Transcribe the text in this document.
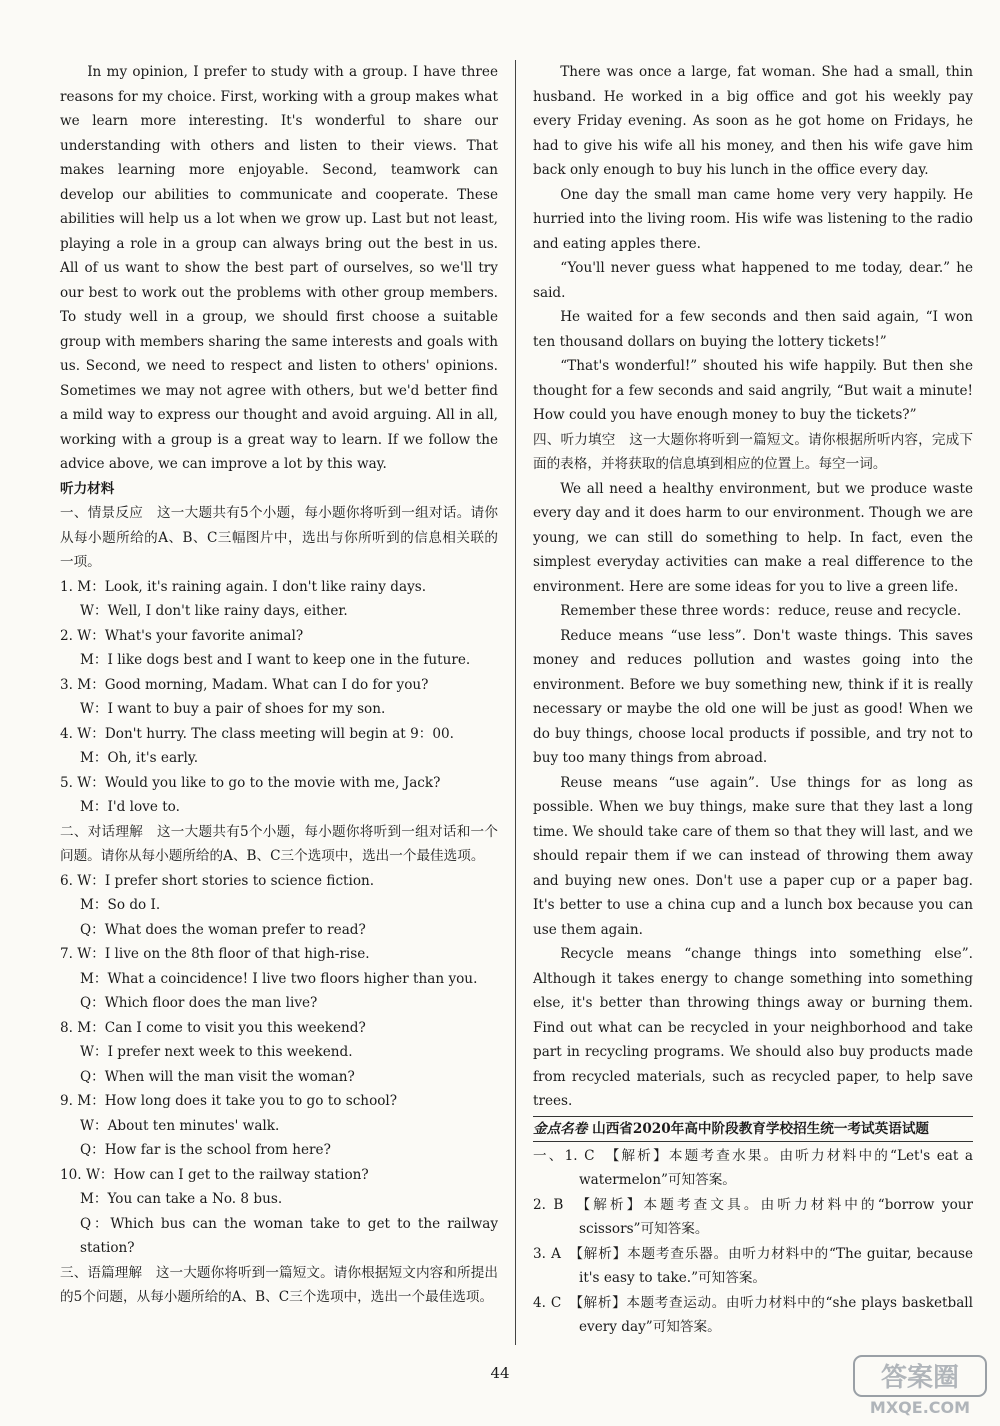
In my opinion, I prefer to study with a group. I have three reasons for my choice. First, working with a group makes what we learn more interesting. It's wonderful to share our understanding with others and listen to their views. That makes learning more enjoyable. Second, teamwork can develop our abilities to communicate and cooperate. These abilities will help us a lot when we grow up. Last but not least, playing a role in a group can always bring out the best in us. All of us want to show the best part of ourselves, so we'll try our best to work out the problems with other group members. To study well in a group, we should first choose a suitable group with members sharing the same interests and goals with us. Second, we need to respect and listen to others' opinions. Sometimes we may not agree with others, but we'd better find a mild way to express our thought and avoid arguing. All in all, working with a group is a great way to learn. If we follow the advice above, we can improve a lot by this way.

听力材料

一、情景反应　这一大题共有5个小题，每小题你将听到一组对话。请你从每小题所给的A、B、C三幅图片中，选出与你所听到的信息相关联的一项。

1. M：Look, it's raining again. I don't like rainy days.

W：Well, I don't like rainy days, either.

2. W：What's your favorite animal?

M：I like dogs best and I want to keep one in the future.

3. M：Good morning, Madam. What can I do for you?

W：I want to buy a pair of shoes for my son.

4. W：Don't hurry. The class meeting will begin at 9：00.

M：Oh, it's early.

5. W：Would you like to go to the movie with me, Jack?

M：I'd love to.

二、对话理解　这一大题共有5个小题，每小题你将听到一组对话和一个问题。请你从每小题所给的A、B、C三个选项中，选出一个最佳选项。

6. W：I prefer short stories to science fiction.

M：So do I.

Q：What does the woman prefer to read?

7. W：I live on the 8th floor of that high-rise.

M：What a coincidence! I live two floors higher than you.

Q：Which floor does the man live?

8. M：Can I come to visit you this weekend?

W：I prefer next week to this weekend.

Q：When will the man visit the woman?

9. M：How long does it take you to go to school?

W：About ten minutes' walk.

Q：How far is the school from here?

10. W：How can I get to the railway station?

M：You can take a No. 8 bus.

Q：Which bus can the woman take to get to the railway station?

三、语篇理解　这一大题你将听到一篇短文。请你根据短文内容和所提出的5个问题，从每小题所给的A、B、C三个选项中，选出一个最佳选项。

There was once a large, fat woman. She had a small, thin husband. He worked in a big office and got his weekly pay every Friday evening. As soon as he got home on Fridays, he had to give his wife all his money, and then his wife gave him back only enough to buy his lunch in the office every day.

One day the small man came home very very happily. He hurried into the living room. His wife was listening to the radio and eating apples there.

“You'll never guess what happened to me today, dear.” he said.

He waited for a few seconds and then said again, “I won ten thousand dollars on buying the lottery tickets!”

“That's wonderful!” shouted his wife happily. But then she thought for a few seconds and said angrily, “But wait a minute! How could you have enough money to buy the tickets?”

四、听力填空　这一大题你将听到一篇短文。请你根据所听内容，完成下面的表格，并将获取的信息填到相应的位置上。每空一词。

We all need a healthy environment, but we produce waste every day and it does harm to our environment. Though we are young, we can still do something to help. In fact, even the simplest everyday activities can make a real difference to the environment. Here are some ideas for you to live a green life.

Remember these three words：reduce, reuse and recycle.

Reduce means “use less”. Don't waste things. This saves money and reduces pollution and wastes going into the environment. Before we buy something new, think if it is really necessary or maybe the old one will be just as good! When we do buy things, choose local products if possible, and try not to buy too many things from abroad.

Reuse means “use again”. Use things for as long as possible. When we buy things, make sure that they last a long time. We should take care of them so that they will last, and we should repair them if we can instead of throwing them away and buying new ones. Don't use a paper cup or a paper bag. It's better to use a china cup and a lunch box because you can use them again.

Recycle means “change things into something else”. Although it takes energy to change something into something else, it's better than throwing things away or burning them. Find out what can be recycled in your neighborhood and take part in recycling programs. We should also buy products made from recycled materials, such as recycled paper, to help save trees.

金点名卷 山西省2020年高中阶段教育学校招生统一考试英语试题

一、1. C　 【解析】本题考查水果。由听力材料中的“Let's eat a watermelon”可知答案。

2. B　 【解析】本题考查文具。由听力材料中的“borrow your scissors”可知答案。

3. A　 【解析】本题考查乐器。由听力材料中的“The guitar, because it's easy to take.”可知答案。

4. C　 【解析】本题考查运动。由听力材料中的“she plays basketball every day”可知答案。

44	答案圈
MXQE.COM
